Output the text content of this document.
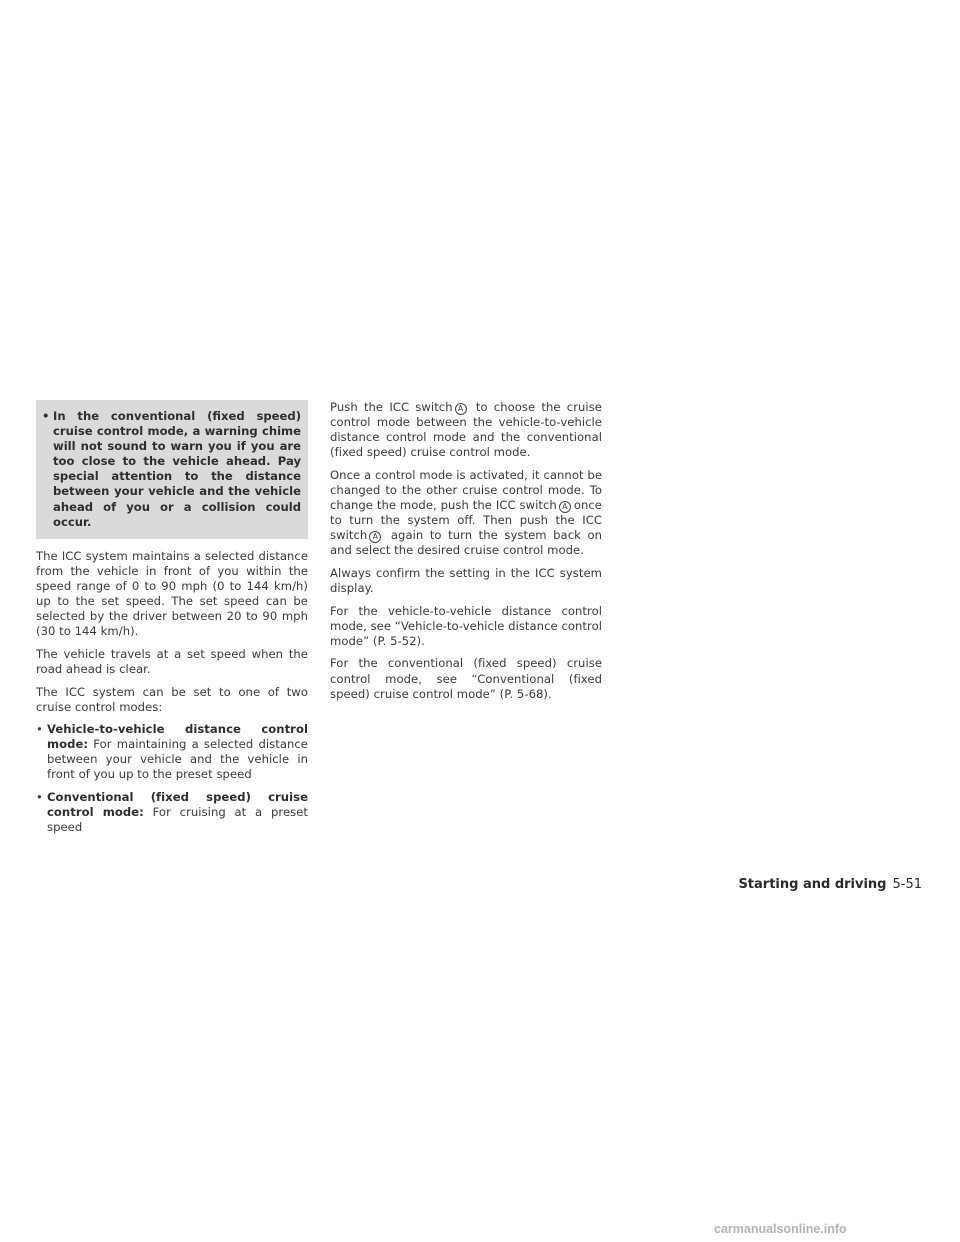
• In the conventional (fixed speed) cruise control mode, a warning chime will not sound to warn you if you are too close to the vehicle ahead. Pay special attention to the distance between your vehicle and the vehicle ahead of you or a collision could occur.

The ICC system maintains a selected distance from the vehicle in front of you within the speed range of 0 to 90 mph (0 to 144 km/h) up to the set speed. The set speed can be selected by the driver between 20 to 90 mph (30 to 144 km/h).

The vehicle travels at a set speed when the road ahead is clear.

The ICC system can be set to one of two cruise control modes:

• Vehicle-to-vehicle distance control mode: For maintaining a selected distance between your vehicle and the vehicle in front of you up to the preset speed
• Conventional (fixed speed) cruise control mode: For cruising at a preset speed

Push the ICC switch A to choose the cruise control mode between the vehicle-to-vehicle distance control mode and the conventional (fixed speed) cruise control mode.

Once a control mode is activated, it cannot be changed to the other cruise control mode. To change the mode, push the ICC switch A once to turn the system off. Then push the ICC switch A again to turn the system back on and select the desired cruise control mode.

Always confirm the setting in the ICC system display.

For the vehicle-to-vehicle distance control mode, see “Vehicle-to-vehicle distance control mode” (P. 5-52).

For the conventional (fixed speed) cruise control mode, see “Conventional (fixed speed) cruise control mode” (P. 5-68).

Starting and driving 5-51
carmanualsonline.info
